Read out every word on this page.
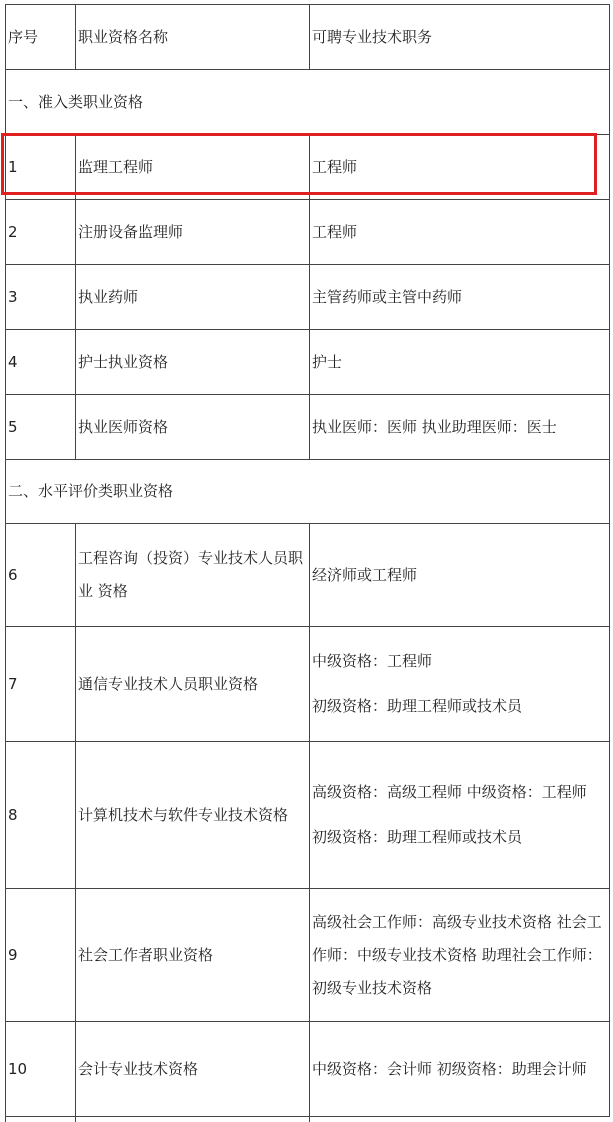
序号	职业资格名称	可聘专业技术职务
一、准入类职业资格		
1	监理工程师	工程师
2	注册设备监理师	工程师
3	执业药师	主管药师或主管中药师
4	护士执业资格	护士
5	执业医师资格	执业医师：医师 执业助理医师：医士
二、水平评价类职业资格		
6	工程咨询（投资）专业技术人员职业 资格	经济师或工程师
7	通信专业技术人员职业资格	中级资格：工程师

初级资格：助理工程师或技术员

8	计算机技术与软件专业技术资格	高级资格：高级工程师 中级资格：工程师

初级资格：助理工程师或技术员

9	社会工作者职业资格	高级社会工作师：高级专业技术资格 社会工作师：中级专业技术资格 助理社会工作师：初级专业技术资格
10	会计专业技术资格	中级资格：会计师 初级资格：助理会计师
